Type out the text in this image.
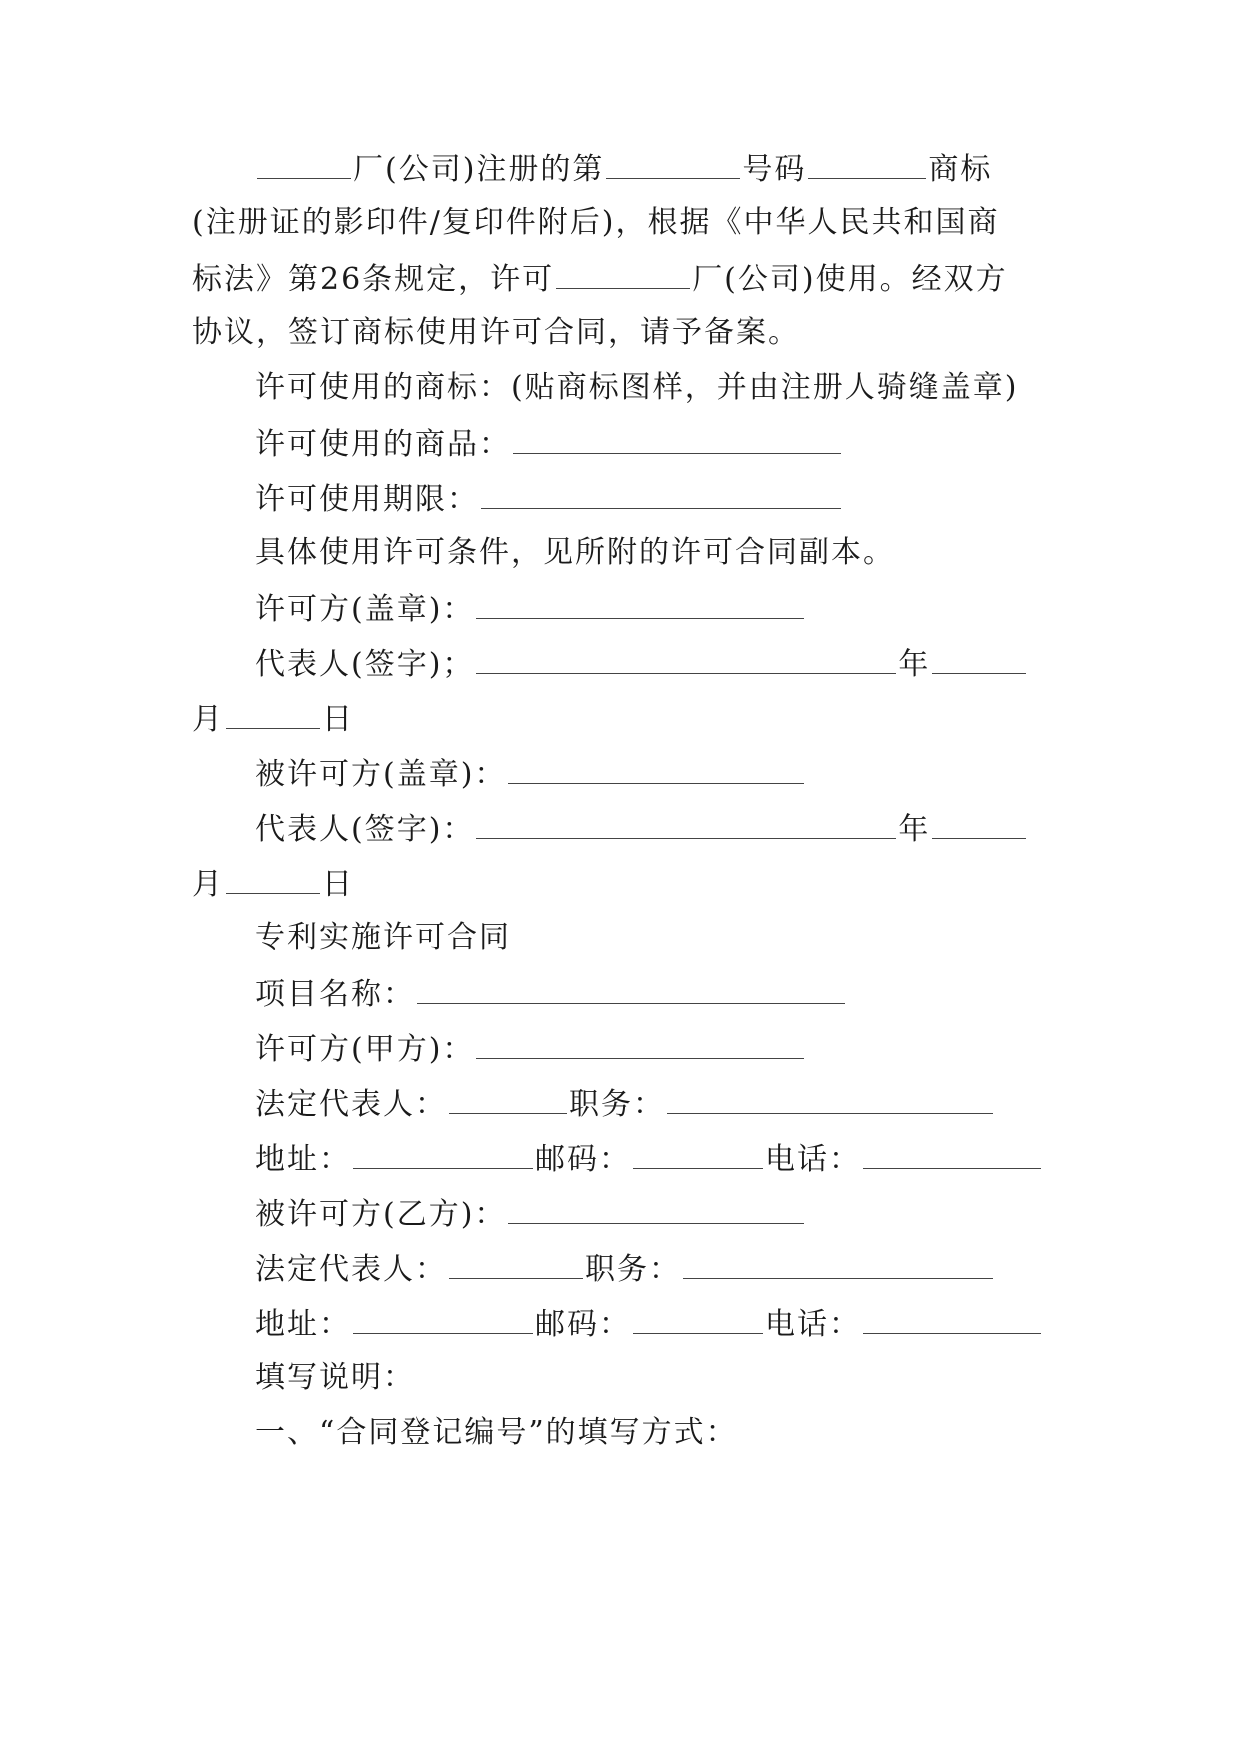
厂(公司)注册的第	号码	商标
(注册证的影印件/复印件附后)，根据《中华人民共和国商
标法》第26条规定，许可	厂(公司)使用。经双方
协议，签订商标使用许可合同，请予备案。
许可使用的商标：(贴商标图样，并由注册人骑缝盖章)
许可使用的商品：
许可使用期限：
具体使用许可条件，见所附的许可合同副本。
许可方(盖章)：
代表人(签字)；	年
月	日
被许可方(盖章)：
代表人(签字)：	年
月	日
专利实施许可合同
项目名称：
许可方(甲方)：
法定代表人：	职务：
地址：	邮码：	电话：
被许可方(乙方)：
法定代表人：	职务：
地址：	邮码：	电话：
填写说明：
一、“合同登记编号”的填写方式：
